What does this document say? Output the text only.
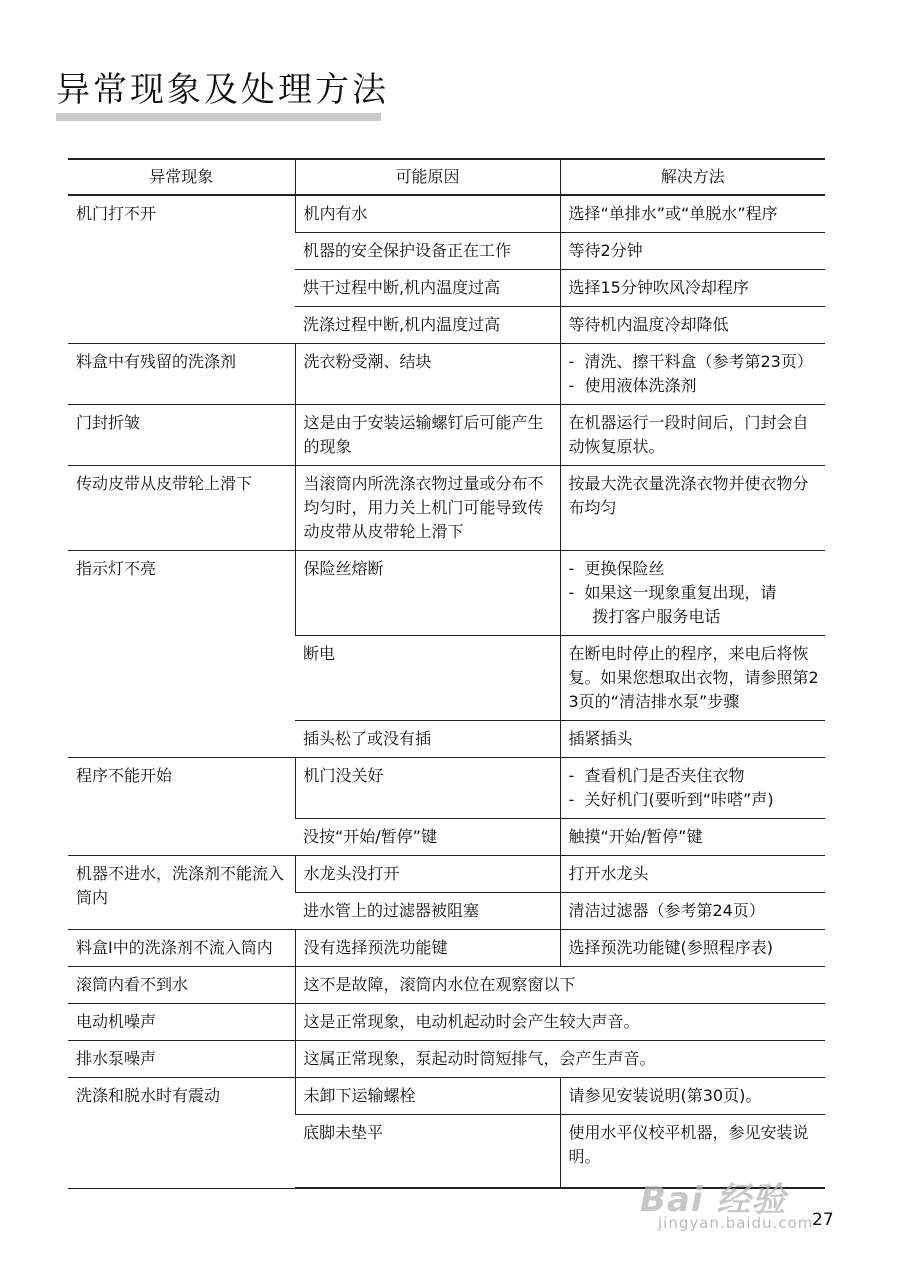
异常现象及处理方法
异常现象	可能原因	解决方法
机门打不开	机内有水	选择“单排水”或“单脱水”程序
	机器的安全保护设备正在工作	等待2分钟
	烘干过程中断,机内温度过高	选择15分钟吹风冷却程序
	洗涤过程中断,机内温度过高	等待机内温度冷却降低
料盒中有残留的洗涤剂	洗衣粉受潮、结块	- 清洗、擦干料盒（参考第23页）
- 使用液体洗涤剂

门封折皱	这是由于安装运输螺钉后可能产生的现象	在机器运行一段时间后，门封会自动恢复原状。
传动皮带从皮带轮上滑下	当滚筒内所洗涤衣物过量或分布不均匀时，用力关上机门可能导致传动皮带从皮带轮上滑下	按最大洗衣量洗涤衣物并使衣物分布均匀
指示灯不亮	保险丝熔断	- 更换保险丝
- 如果这一现象重复出现，请
拨打客户服务电话

	断电	在断电时停止的程序，来电后将恢复。如果您想取出衣物，请参照第23页的“清洁排水泵”步骤
	插头松了或没有插	插紧插头
程序不能开始	机门没关好	- 查看机门是否夹住衣物
- 关好机门(要听到“咔嗒”声)

	没按“开始/暂停”键	触摸“开始/暂停”键
机器不进水，洗涤剂不能流入筒内	水龙头没打开	打开水龙头
	进水管上的过滤器被阻塞	清洁过滤器（参考第24页）
料盒I中的洗涤剂不流入筒内	没有选择预洗功能键	选择预洗功能键(参照程序表)
滚筒内看不到水	这不是故障，滚筒内水位在观察窗以下	
电动机噪声	这是正常现象，电动机起动时会产生较大声音。	
排水泵噪声	这属正常现象，泵起动时筒短排气，会产生声音。	
洗涤和脱水时有震动	未卸下运输螺栓	请参见安装说明(第30页)。
	底脚未垫平	使用水平仪校平机器，参见安装说明。
Bai 经验
jingyan.baidu.com
27
